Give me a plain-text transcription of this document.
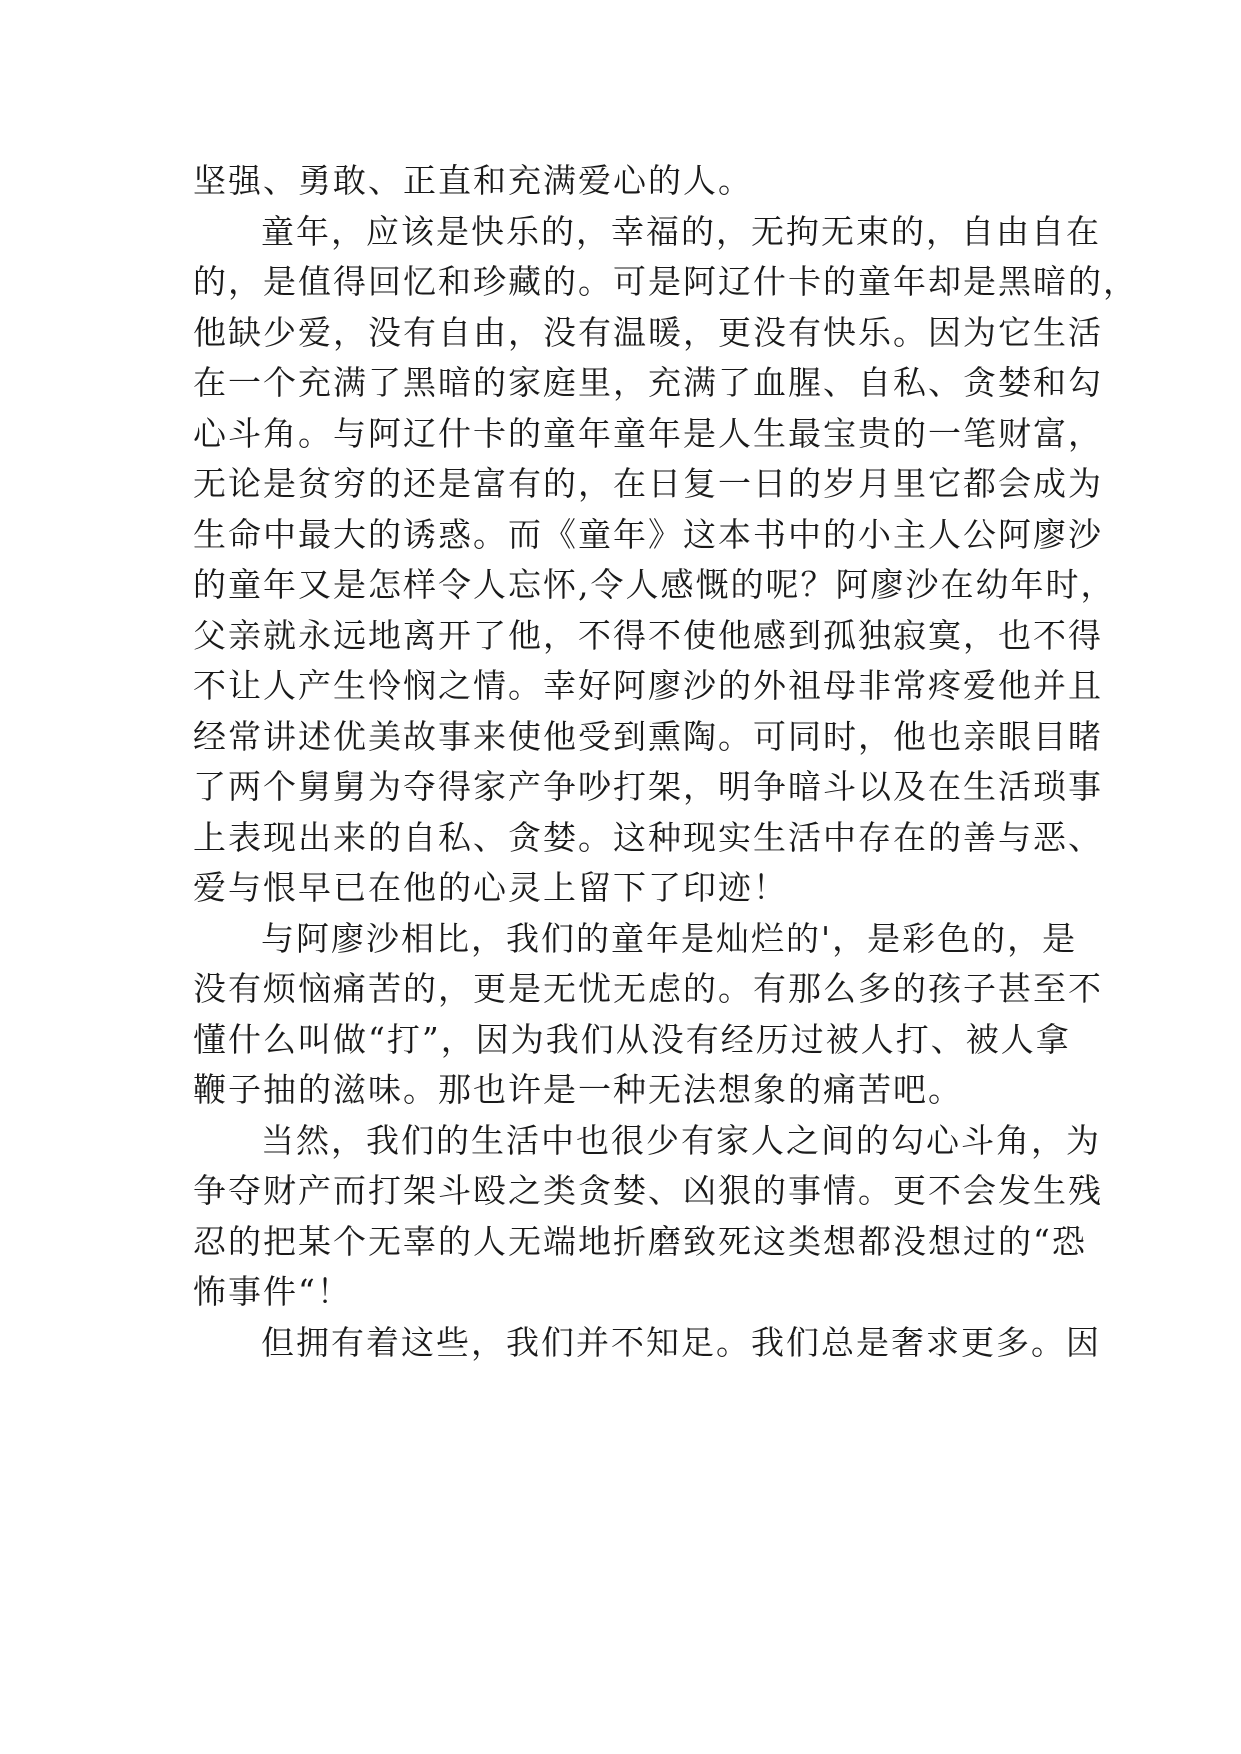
坚强、勇敢、正直和充满爱心的人。
童年，应该是快乐的，幸福的，无拘无束的，自由自在
的，是值得回忆和珍藏的。可是阿辽什卡的童年却是黑暗的，
他缺少爱，没有自由，没有温暖，更没有快乐。因为它生活
在一个充满了黑暗的家庭里，充满了血腥、自私、贪婪和勾
心斗角。与阿辽什卡的童年童年是人生最宝贵的一笔财富，
无论是贫穷的还是富有的，在日复一日的岁月里它都会成为
生命中最大的诱惑。而《童年》这本书中的小主人公阿廖沙
的童年又是怎样令人忘怀,令人感慨的呢？阿廖沙在幼年时，
父亲就永远地离开了他，不得不使他感到孤独寂寞，也不得
不让人产生怜悯之情。幸好阿廖沙的外祖母非常疼爱他并且
经常讲述优美故事来使他受到熏陶。可同时，他也亲眼目睹
了两个舅舅为夺得家产争吵打架，明争暗斗以及在生活琐事
上表现出来的自私、贪婪。这种现实生活中存在的善与恶、
爱与恨早已在他的心灵上留下了印迹！
与阿廖沙相比，我们的童年是灿烂的'，是彩色的，是
没有烦恼痛苦的，更是无忧无虑的。有那么多的孩子甚至不
懂什么叫做“打”，因为我们从没有经历过被人打、被人拿
鞭子抽的滋味。那也许是一种无法想象的痛苦吧。
当然，我们的生活中也很少有家人之间的勾心斗角，为
争夺财产而打架斗殴之类贪婪、凶狠的事情。更不会发生残
忍的把某个无辜的人无端地折磨致死这类想都没想过的“恐
怖事件“！
但拥有着这些，我们并不知足。我们总是奢求更多。因
